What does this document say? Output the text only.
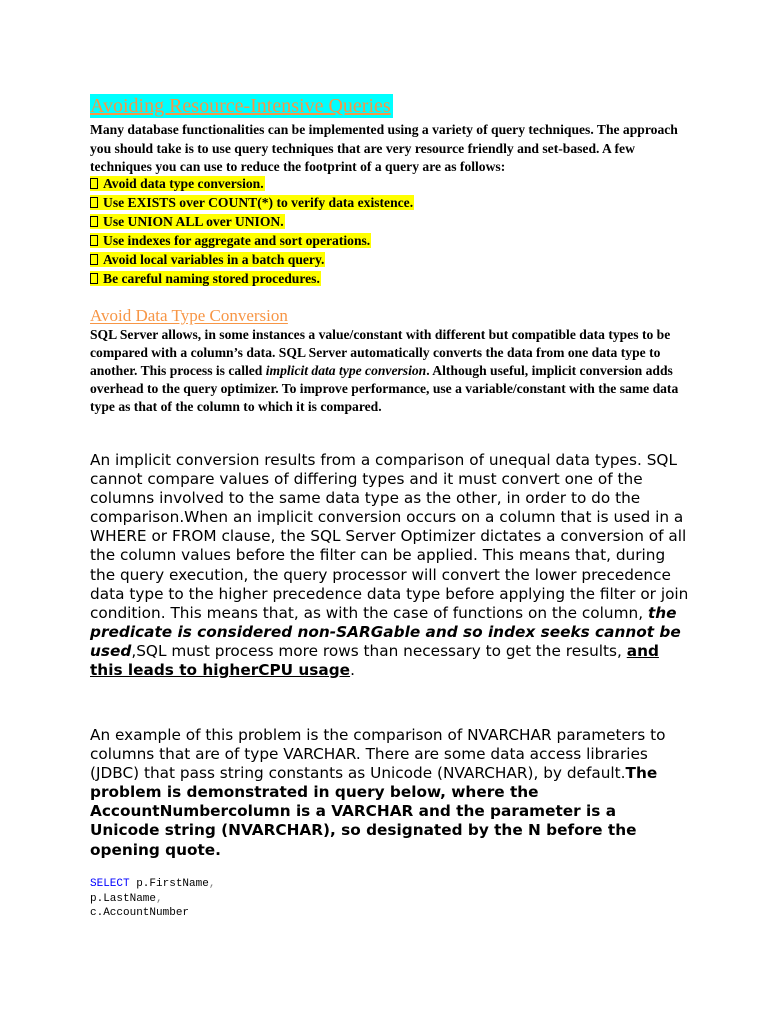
Avoiding Resource-Intensive Queries
Many database functionalities can be implemented using a variety of query techniques. The approach you should take is to use query techniques that are very resource friendly and set-based. A few techniques you can use to reduce the footprint of a query are as follows:
Avoid data type conversion.
Use EXISTS over COUNT(*) to verify data existence.
Use UNION ALL over UNION.
Use indexes for aggregate and sort operations.
Avoid local variables in a batch query.
Be careful naming stored procedures.
Avoid Data Type Conversion
SQL Server allows, in some instances a value/constant with different but compatible data types to be compared with a column’s data. SQL Server automatically converts the data from one data type to another. This process is called implicit data type conversion. Although useful, implicit conversion adds overhead to the query optimizer. To improve performance, use a variable/constant with the same data type as that of the column to which it is compared.
An implicit conversion results from a comparison of unequal data types. SQL cannot compare values of differing types and it must convert one of the columns involved to the same data type as the other, in order to do the comparison.When an implicit conversion occurs on a column that is used in a WHERE or FROM clause, the SQL Server Optimizer dictates a conversion of all the column values before the filter can be applied. This means that, during the query execution, the query processor will convert the lower precedence data type to the higher precedence data type before applying the filter or join condition. This means that, as with the case of functions on the column, the predicate is considered non-SARGable and so index seeks cannot be used,SQL must process more rows than necessary to get the results, and this leads to higherCPU usage.
An example of this problem is the comparison of NVARCHAR parameters to columns that are of type VARCHAR. There are some data access libraries (JDBC) that pass string constants as Unicode (NVARCHAR), by default.The problem is demonstrated in query below, where the AccountNumbercolumn is a VARCHAR and the parameter is a Unicode string (NVARCHAR), so designated by the N before the opening quote.
SELECT p.FirstName,
p.LastName,
c.AccountNumber
